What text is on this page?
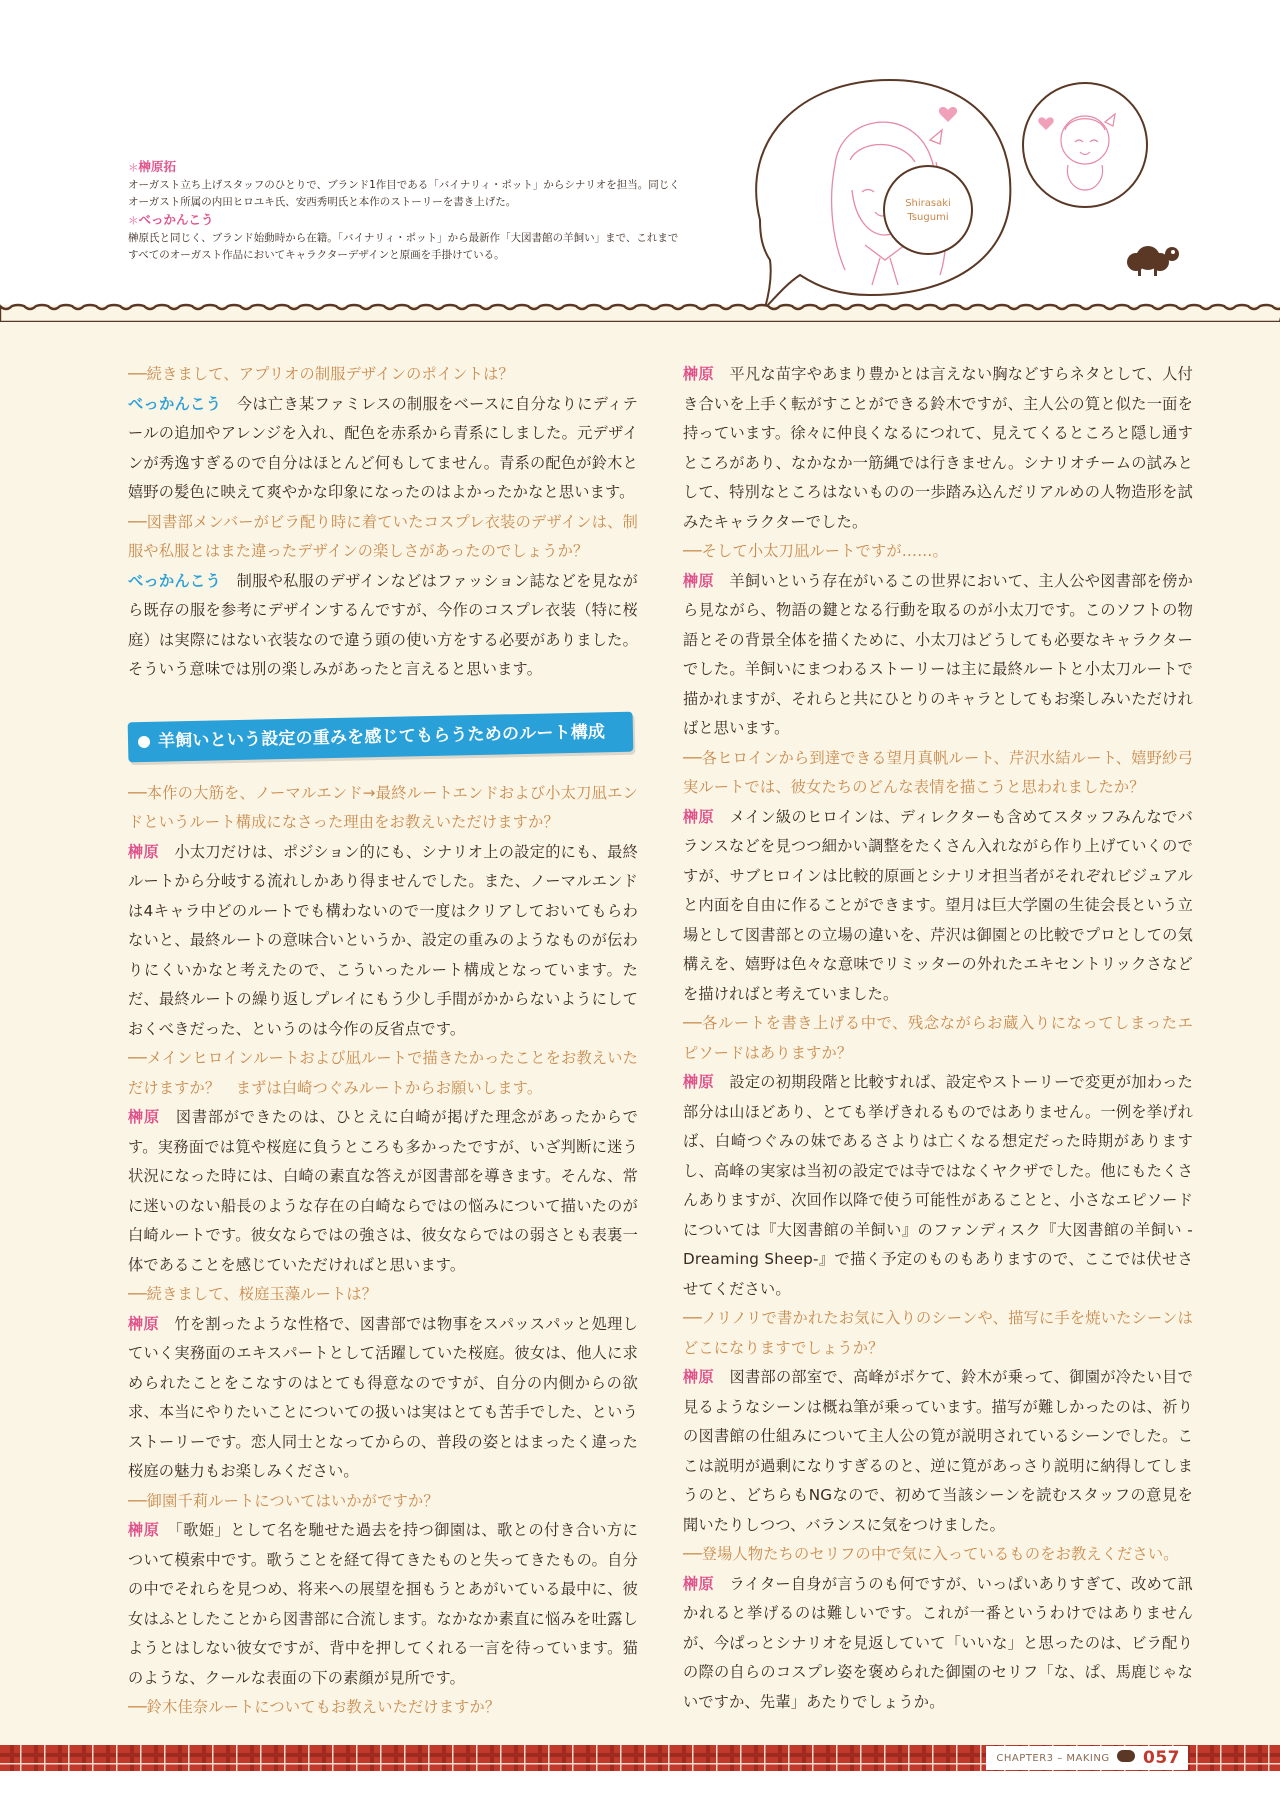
＊榊原拓
オーガスト立ち上げスタッフのひとりで、ブランド1作目である「バイナリィ・ポット」からシナリオを担当。同じくオーガスト所属の内田ヒロユキ氏、安西秀明氏と本作のストーリーを書き上げた。
＊べっかんこう
榊原氏と同じく、ブランド始動時から在籍。「バイナリィ・ポット」から最新作「大図書館の羊飼い」まで、これまですべてのオーガスト作品においてキャラクターデザインと原画を手掛けている。
Shirasaki
Tsugumi
──続きまして、アプリオの制服デザインのポイントは？
べっかんこう　 今は亡き某ファミレスの制服をベースに自分なりにディテールの追加やアレンジを入れ、配色を赤系から青系にしました。元デザインが秀逸すぎるので自分はほとんど何もしてません。青系の配色が鈴木と嬉野の髪色に映えて爽やかな印象になったのはよかったかなと思います。
──図書部メンバーがビラ配り時に着ていたコスプレ衣装のデザインは、制服や私服とはまた違ったデザインの楽しさがあったのでしょうか？
べっかんこう　 制服や私服のデザインなどはファッション誌などを見ながら既存の服を参考にデザインするんですが、今作のコスプレ衣装（特に桜庭）は実際にはない衣装なので違う頭の使い方をする必要がありました。そういう意味では別の楽しみがあったと言えると思います。
羊飼いという設定の重みを感じてもらうためのルート構成
──本作の大筋を、ノーマルエンド→最終ルートエンドおよび小太刀凪エンドというルート構成になさった理由をお教えいただけますか？
榊原　 小太刀だけは、ポジション的にも、シナリオ上の設定的にも、最終ルートから分岐する流れしかあり得ませんでした。また、ノーマルエンドは4キャラ中どのルートでも構わないので一度はクリアしておいてもらわないと、最終ルートの意味合いというか、設定の重みのようなものが伝わりにくいかなと考えたので、こういったルート構成となっています。ただ、最終ルートの繰り返しプレイにもう少し手間がかからないようにしておくべきだった、というのは今作の反省点です。
──メインヒロインルートおよび凪ルートで描きたかったことをお教えいただけますか？　まずは白崎つぐみルートからお願いします。
榊原　 図書部ができたのは、ひとえに白崎が掲げた理念があったからです。実務面では筧や桜庭に負うところも多かったですが、いざ判断に迷う状況になった時には、白崎の素直な答えが図書部を導きます。そんな、常に迷いのない船長のような存在の白崎ならではの悩みについて描いたのが白崎ルートです。彼女ならではの強さは、彼女ならではの弱さとも表裏一体であることを感じていただければと思います。
──続きまして、桜庭玉藻ルートは？
榊原　 竹を割ったような性格で、図書部では物事をスパッスパッと処理していく実務面のエキスパートとして活躍していた桜庭。彼女は、他人に求められたことをこなすのはとても得意なのですが、自分の内側からの欲求、本当にやりたいことについての扱いは実はとても苦手でした、というストーリーです。恋人同士となってからの、普段の姿とはまったく違った桜庭の魅力もお楽しみください。
──御園千莉ルートについてはいかがですか？
榊原　 「歌姫」として名を馳せた過去を持つ御園は、歌との付き合い方について模索中です。歌うことを経て得てきたものと失ってきたもの。自分の中でそれらを見つめ、将来への展望を掴もうとあがいている最中に、彼女はふとしたことから図書部に合流します。なかなか素直に悩みを吐露しようとはしない彼女ですが、背中を押してくれる一言を待っています。猫のような、クールな表面の下の素顔が見所です。
──鈴木佳奈ルートについてもお教えいただけますか？
榊原　 平凡な苗字やあまり豊かとは言えない胸などすらネタとして、人付き合いを上手く転がすことができる鈴木ですが、主人公の筧と似た一面を持っています。徐々に仲良くなるにつれて、見えてくるところと隠し通すところがあり、なかなか一筋縄では行きません。シナリオチームの試みとして、特別なところはないものの一歩踏み込んだリアルめの人物造形を試みたキャラクターでした。
──そして小太刀凪ルートですが……。
榊原　 羊飼いという存在がいるこの世界において、主人公や図書部を傍から見ながら、物語の鍵となる行動を取るのが小太刀です。このソフトの物語とその背景全体を描くために、小太刀はどうしても必要なキャラクターでした。羊飼いにまつわるストーリーは主に最終ルートと小太刀ルートで描かれますが、それらと共にひとりのキャラとしてもお楽しみいただければと思います。
──各ヒロインから到達できる望月真帆ルート、芹沢水結ルート、嬉野紗弓実ルートでは、彼女たちのどんな表情を描こうと思われましたか？
榊原　 メイン級のヒロインは、ディレクターも含めてスタッフみんなでバランスなどを見つつ細かい調整をたくさん入れながら作り上げていくのですが、サブヒロインは比較的原画とシナリオ担当者がそれぞれビジュアルと内面を自由に作ることができます。望月は巨大学園の生徒会長という立場として図書部との立場の違いを、芹沢は御園との比較でプロとしての気構えを、嬉野は色々な意味でリミッターの外れたエキセントリックさなどを描ければと考えていました。
──各ルートを書き上げる中で、残念ながらお蔵入りになってしまったエピソードはありますか？
榊原　 設定の初期段階と比較すれば、設定やストーリーで変更が加わった部分は山ほどあり、とても挙げきれるものではありません。一例を挙げれば、白崎つぐみの妹であるさよりは亡くなる想定だった時期がありますし、高峰の実家は当初の設定では寺ではなくヤクザでした。他にもたくさんありますが、次回作以降で使う可能性があることと、小さなエピソードについては『大図書館の羊飼い』のファンディスク『大図書館の羊飼い -Dreaming Sheep-』で描く予定のものもありますので、ここでは伏せさせてください。
──ノリノリで書かれたお気に入りのシーンや、描写に手を焼いたシーンはどこになりますでしょうか？
榊原　 図書部の部室で、高峰がボケて、鈴木が乗って、御園が冷たい目で見るようなシーンは概ね筆が乗っています。描写が難しかったのは、祈りの図書館の仕組みについて主人公の筧が説明されているシーンでした。ここは説明が過剰になりすぎるのと、逆に筧があっさり説明に納得してしまうのと、どちらもNGなので、初めて当該シーンを読むスタッフの意見を聞いたりしつつ、バランスに気をつけました。
──登場人物たちのセリフの中で気に入っているものをお教えください。
榊原　 ライター自身が言うのも何ですが、いっぱいありすぎて、改めて訊かれると挙げるのは難しいです。これが一番というわけではありませんが、今ぱっとシナリオを見返していて「いいな」と思ったのは、ビラ配りの際の自らのコスプレ姿を褒められた御園のセリフ「な、ぱ、馬鹿じゃないですか、先輩」あたりでしょうか。
CHAPTER3 – MAKING 057
